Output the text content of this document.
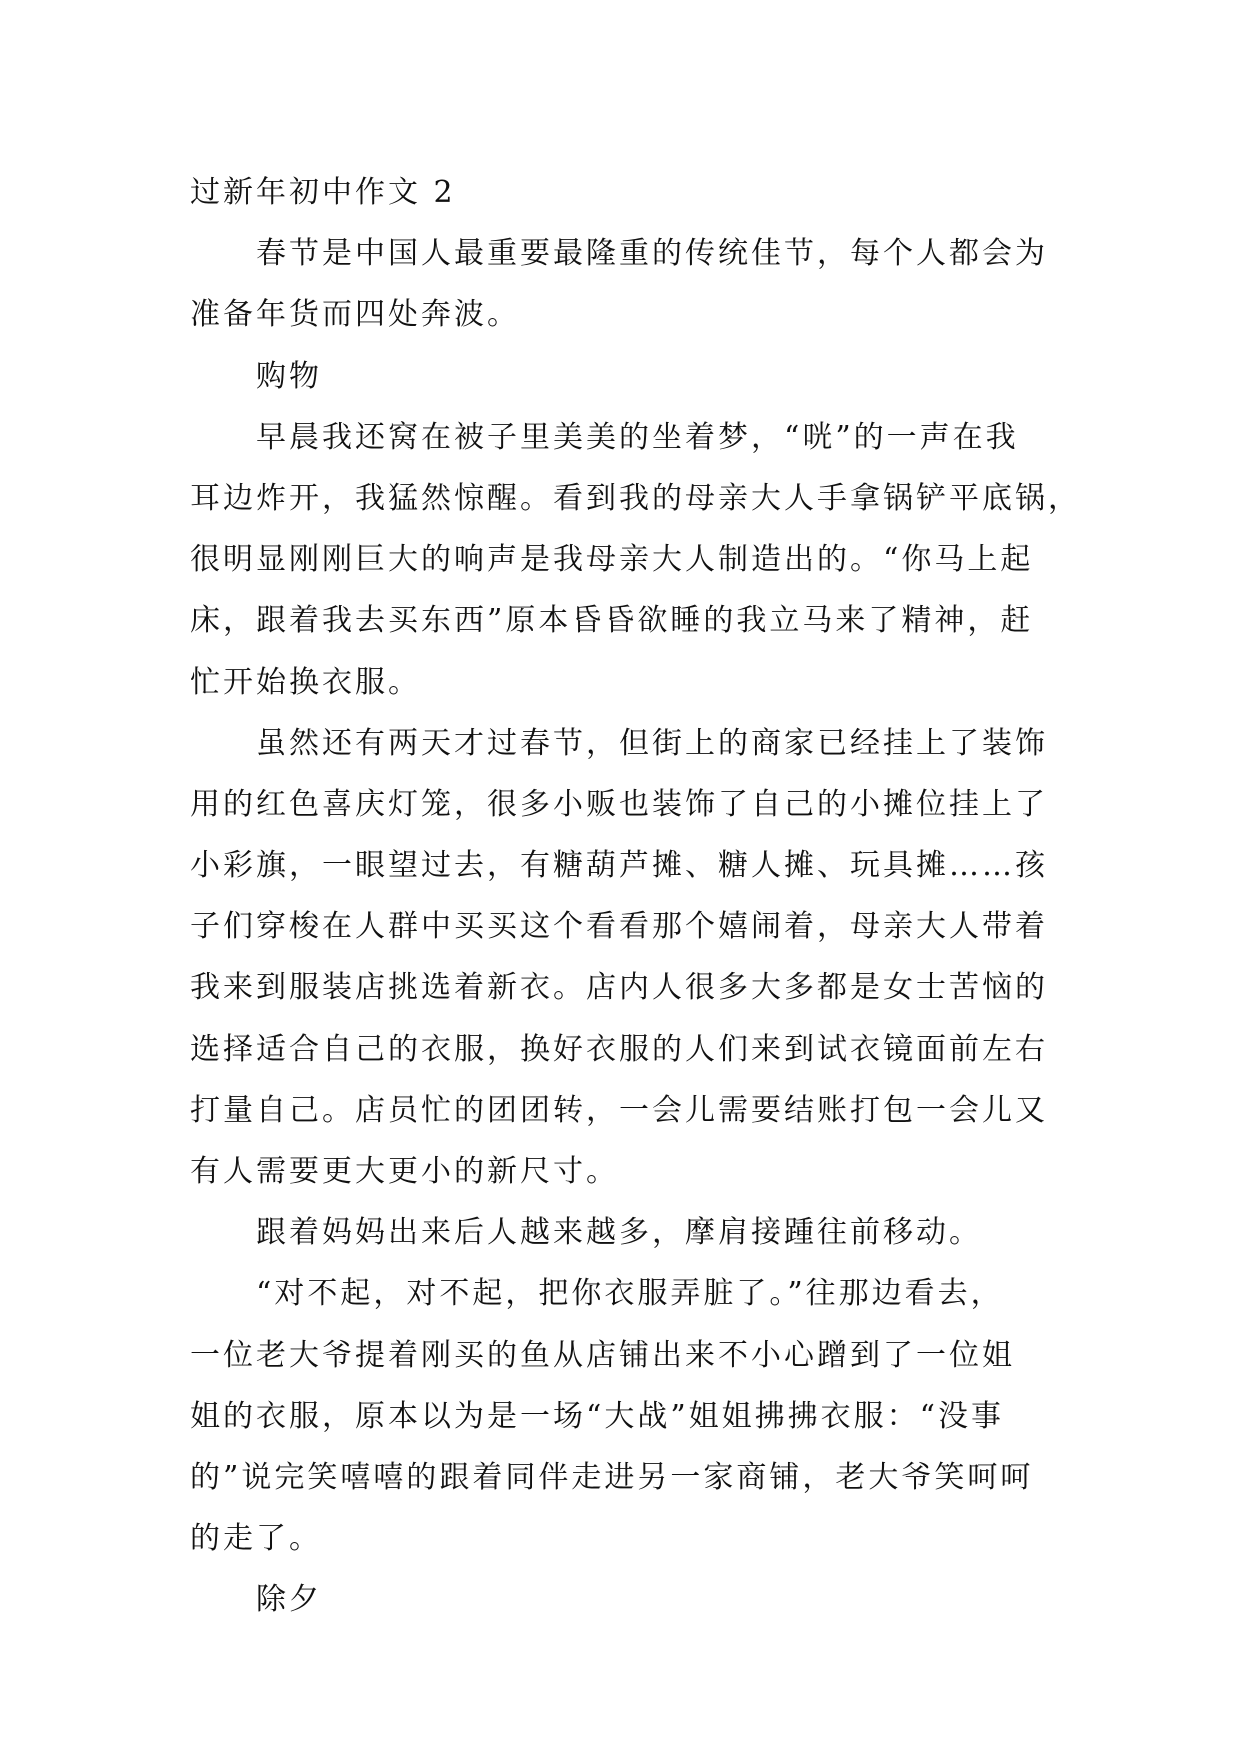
过新年初中作文 2
春节是中国人最重要最隆重的传统佳节，每个人都会为
准备年货而四处奔波。
购物
早晨我还窝在被子里美美的坐着梦，“咣”的一声在我
耳边炸开，我猛然惊醒。看到我的母亲大人手拿锅铲平底锅，
很明显刚刚巨大的响声是我母亲大人制造出的。“你马上起
床，跟着我去买东西”原本昏昏欲睡的我立马来了精神，赶
忙开始换衣服。
虽然还有两天才过春节，但街上的商家已经挂上了装饰
用的红色喜庆灯笼，很多小贩也装饰了自己的小摊位挂上了
小彩旗，一眼望过去，有糖葫芦摊、糖人摊、玩具摊……孩
子们穿梭在人群中买买这个看看那个嬉闹着，母亲大人带着
我来到服装店挑选着新衣。店内人很多大多都是女士苦恼的
选择适合自己的衣服，换好衣服的人们来到试衣镜面前左右
打量自己。店员忙的团团转，一会儿需要结账打包一会儿又
有人需要更大更小的新尺寸。
跟着妈妈出来后人越来越多，摩肩接踵往前移动。
“对不起，对不起，把你衣服弄脏了。”往那边看去，
一位老大爷提着刚买的鱼从店铺出来不小心蹭到了一位姐
姐的衣服，原本以为是一场“大战”姐姐拂拂衣服：“没事
的”说完笑嘻嘻的跟着同伴走进另一家商铺，老大爷笑呵呵
的走了。
除夕
